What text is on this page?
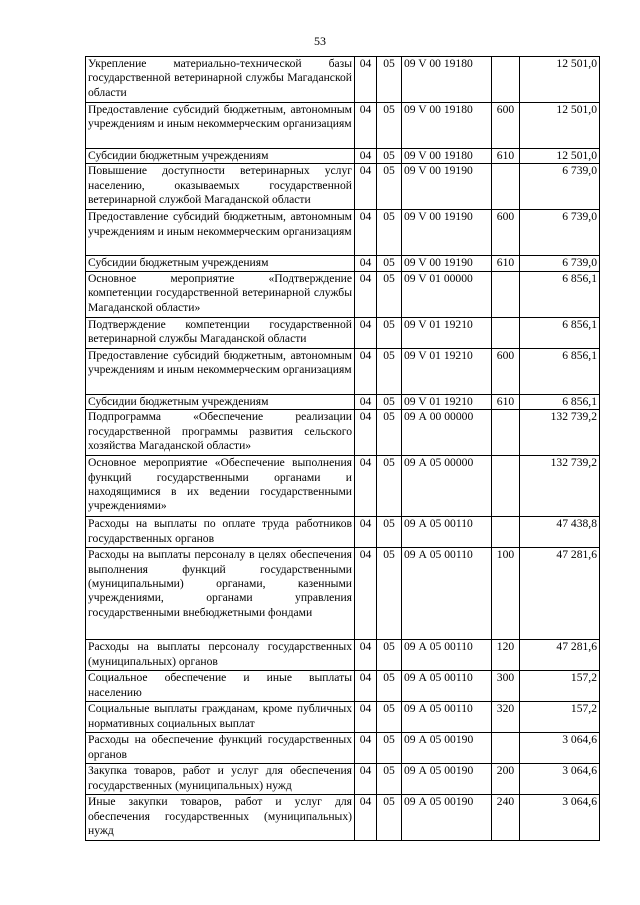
53
Укрепление материально-технической базы государственной ветеринарной службы Магаданской области	04	05	09 V 00 19180		12 501,0
Предоставление субсидий бюджетным, автономным учреждениям и иным некоммерческим организациям	04	05	09 V 00 19180	600	12 501,0
Субсидии бюджетным учреждениям	04	05	09 V 00 19180	610	12 501,0
Повышение доступности ветеринарных услуг населению, оказываемых государственной ветеринарной службой Магаданской области	04	05	09 V 00 19190		6 739,0
Предоставление субсидий бюджетным, автономным учреждениям и иным некоммерческим организациям	04	05	09 V 00 19190	600	6 739,0
Субсидии бюджетным учреждениям	04	05	09 V 00 19190	610	6 739,0
Основное мероприятие «Подтверждение компетенции государственной ветеринарной службы Магаданской области»	04	05	09 V 01 00000		6 856,1
Подтверждение компетенции государственной ветеринарной службы Магаданской области	04	05	09 V 01 19210		6 856,1
Предоставление субсидий бюджетным, автономным учреждениям и иным некоммерческим организациям	04	05	09 V 01 19210	600	6 856,1
Субсидии бюджетным учреждениям	04	05	09 V 01 19210	610	6 856,1
Подпрограмма «Обеспечение реализации государственной программы развития сельского хозяйства Магаданской области»	04	05	09 А 00 00000		132 739,2
Основное мероприятие «Обеспечение выполнения функций государственными органами и находящимися в их ведении государственными учреждениями»	04	05	09 А 05 00000		132 739,2
Расходы на выплаты по оплате труда работников государственных органов	04	05	09 А 05 00110		47 438,8
Расходы на выплаты персоналу в целях обеспечения выполнения функций государственными (муниципальными) органами, казенными учреждениями, органами управления государственными внебюджетными фондами	04	05	09 А 05 00110	100	47 281,6
Расходы на выплаты персоналу государственных (муниципальных) органов	04	05	09 А 05 00110	120	47 281,6
Социальное обеспечение и иные выплаты населению	04	05	09 А 05 00110	300	157,2
Социальные выплаты гражданам, кроме публичных нормативных социальных выплат	04	05	09 А 05 00110	320	157,2
Расходы на обеспечение функций государственных органов	04	05	09 А 05 00190		3 064,6
Закупка товаров, работ и услуг для обеспечения государственных (муниципальных) нужд	04	05	09 А 05 00190	200	3 064,6
Иные закупки товаров, работ и услуг для обеспечения государственных (муниципальных) нужд	04	05	09 А 05 00190	240	3 064,6
